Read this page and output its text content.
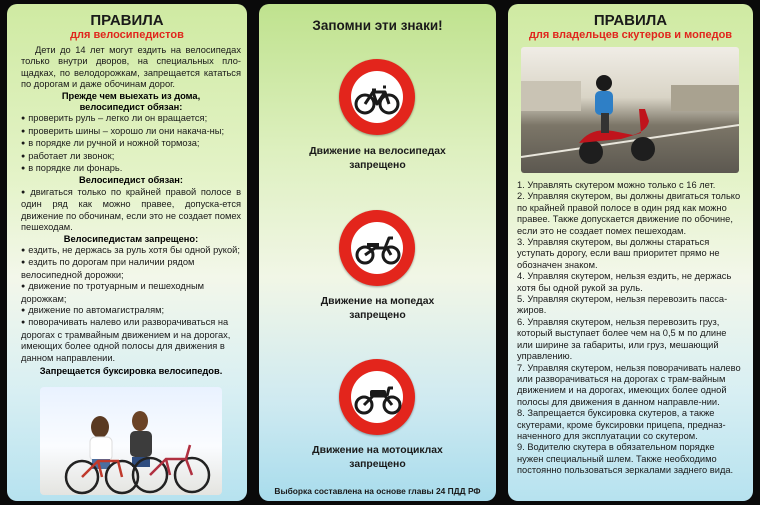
ПРАВИЛА
для велосипедистов
Дети до 14 лет могут ездить на велосипедах только внутри дворов, на специальных пло-щадках, по велодорожкам, запрещается кататься по дорогам и даже обочинам дорог.
Прежде чем выехать из дома,
велосипедист обязан:
● проверить руль – легко ли он вращается;
● проверить шины – хорошо ли они накача-ны;
● в порядке ли ручной и ножной тормоза;
● работает ли звонок;
● в порядке ли фонарь.
Велосипедист обязан:
● двигаться только по крайней правой полосе в один ряд как можно правее, допуска-ется движение по обочинам, если это не создает помех пешеходам.
Велосипедистам запрещено:
● ездить, не держась за руль хотя бы одной рукой;
● ездить по дорогам при наличии рядом велосипедной дорожки;
● движение по тротуарным и пешеходным дорожкам;
● движение по автомагистралям;
● поворачивать налево или разворачиваться на дорогах с трамвайным движением и на дорогах, имеющих более одной полосы для движения в данном направлении.
Запрещается буксировка велосипедов.
Запомни эти знаки!
Движение на велосипедах
запрещено
Движение на мопедах
запрещено
Движение на мотоциклах
запрещено
Выборка составлена на основе главы 24 ПДД РФ
ПРАВИЛА
для владельцев скутеров и мопедов
1. Управлять скутером можно только с 16 лет.
2. Управляя скутером, вы должны двигаться только по крайней правой полосе в один ряд как можно правее. Также допускается движение по обочине, если это не создает помех пешеходам.
3. Управляя скутером, вы должны стараться уступать дорогу, если ваш приоритет прямо не обозначен знаком.
4. Управляя скутером, нельзя ездить, не держась хотя бы одной рукой за руль.
5. Управляя скутером, нельзя перевозить пасса-жиров.
6. Управляя скутером, нельзя перевозить груз, который выступает более чем на 0,5 м по длине или ширине за габариты, или груз, мешающий управлению.
7. Управляя скутером, нельзя поворачивать налево или разворачиваться на дорогах с трам-вайным движением и на дорогах, имеющих более одной полосы для движения в данном направле-нии.
8. Запрещается буксировка скутеров, а также скутерами, кроме буксировки прицепа, предназ-наченного для эксплуатации со скутером.
9. Водителю скутера в обязательном порядке нужен специальный шлем. Также необходимо постоянно пользоваться зеркалами заднего вида.
